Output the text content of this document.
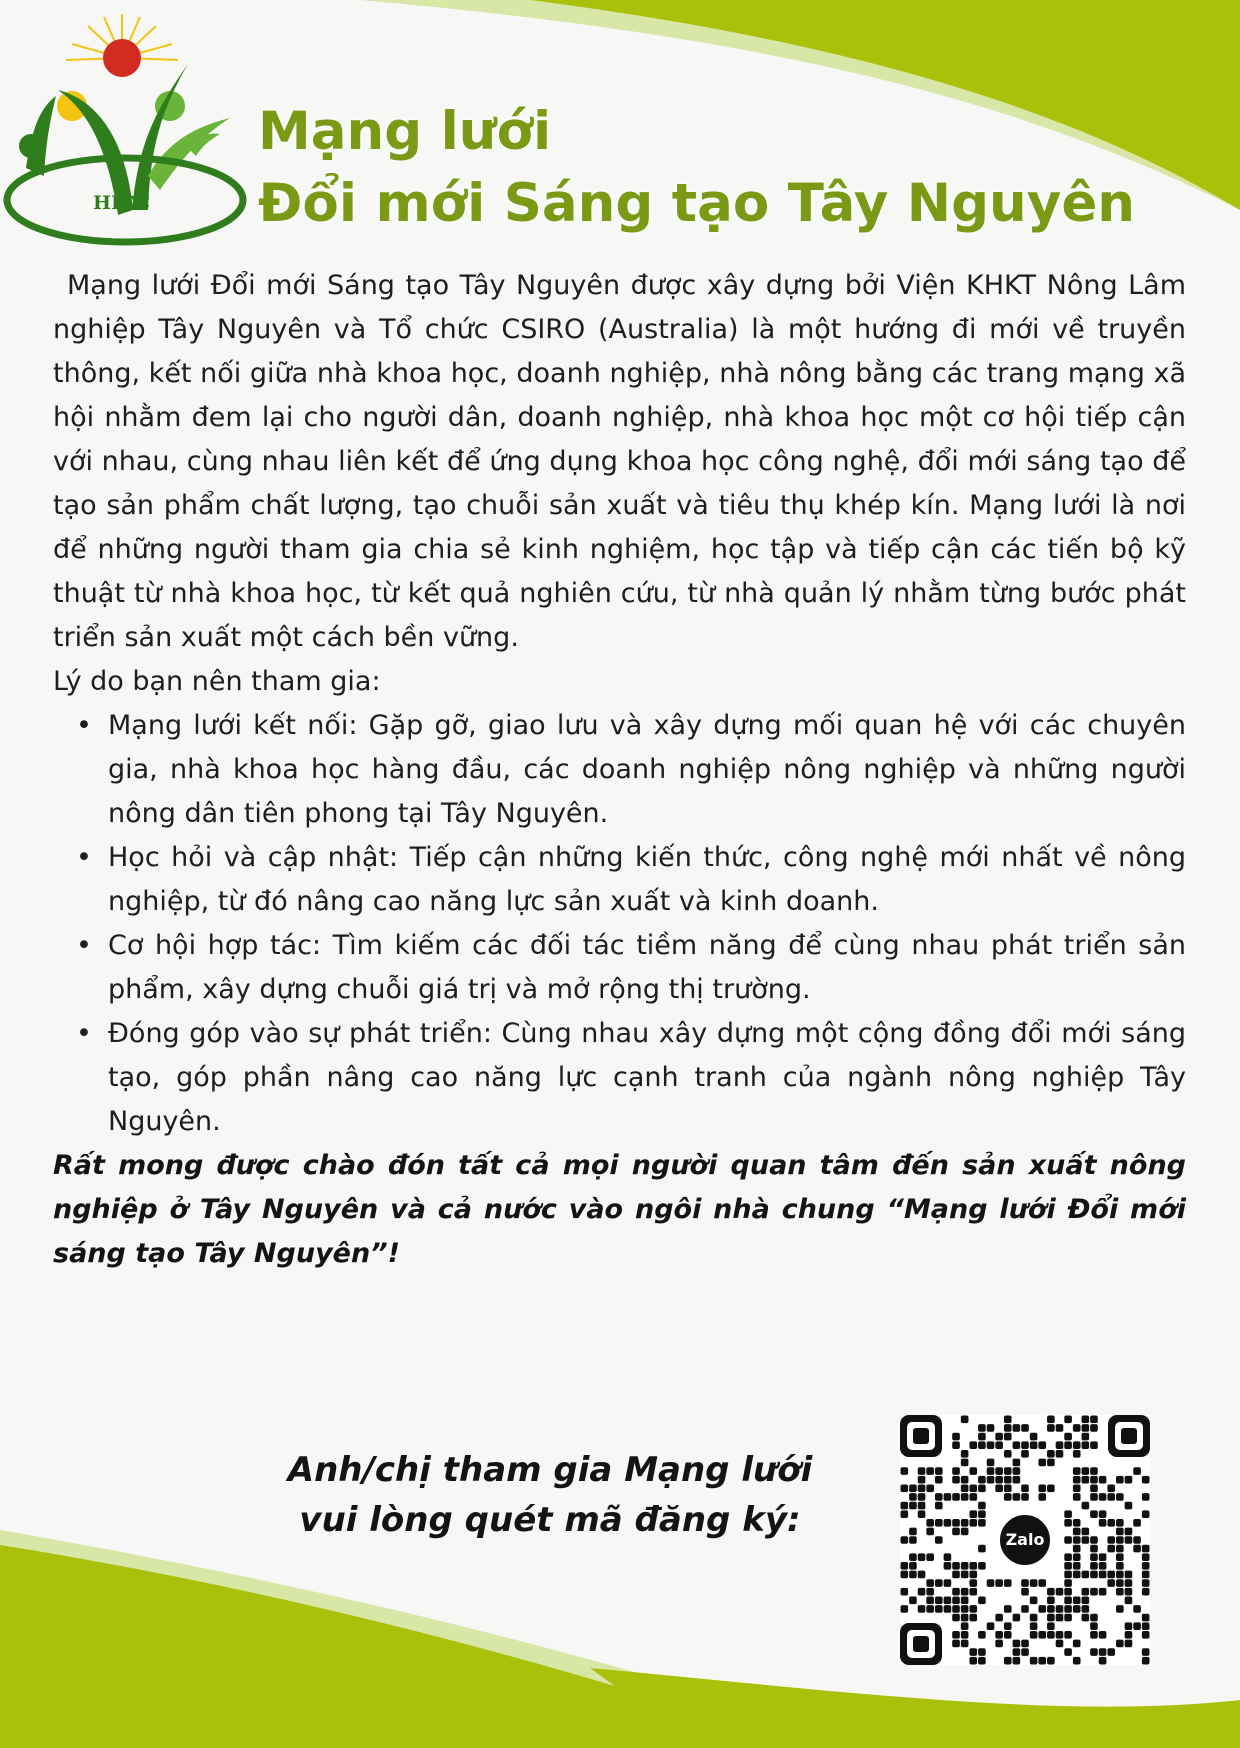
HICC
Mạng lưới
Đổi mới Sáng tạo Tây Nguyên

Mạng lưới Đổi mới Sáng tạo Tây Nguyên được xây dựng bởi Viện KHKT Nông Lâm nghiệp Tây Nguyên và Tổ chức CSIRO (Australia) là một hướng đi mới về truyền thông, kết nối giữa nhà khoa học, doanh nghiệp, nhà nông bằng các trang mạng xã hội nhằm đem lại cho người dân, doanh nghiệp, nhà khoa học một cơ hội tiếp cận với nhau, cùng nhau liên kết để ứng dụng khoa học công nghệ, đổi mới sáng tạo để tạo sản phẩm chất lượng, tạo chuỗi sản xuất và tiêu thụ khép kín. Mạng lưới là nơi để những người tham gia chia sẻ kinh nghiệm, học tập và tiếp cận các tiến bộ kỹ thuật từ nhà khoa học, từ kết quả nghiên cứu, từ nhà quản lý nhằm từng bước phát triển sản xuất một cách bền vững.

Lý do bạn nên tham gia:

• Mạng lưới kết nối: Gặp gỡ, giao lưu và xây dựng mối quan hệ với các chuyên gia, nhà khoa học hàng đầu, các doanh nghiệp nông nghiệp và những người nông dân tiên phong tại Tây Nguyên.
• Học hỏi và cập nhật: Tiếp cận những kiến thức, công nghệ mới nhất về nông nghiệp, từ đó nâng cao năng lực sản xuất và kinh doanh.
• Cơ hội hợp tác: Tìm kiếm các đối tác tiềm năng để cùng nhau phát triển sản phẩm, xây dựng chuỗi giá trị và mở rộng thị trường.
• Đóng góp vào sự phát triển: Cùng nhau xây dựng một cộng đồng đổi mới sáng tạo, góp phần nâng cao năng lực cạnh tranh của ngành nông nghiệp Tây Nguyên.

Rất mong được chào đón tất cả mọi người quan tâm đến sản xuất nông nghiệp ở Tây Nguyên và cả nước vào ngôi nhà chung “Mạng lưới Đổi mới sáng tạo Tây Nguyên”!

Anh/chị tham gia Mạng lưới
vui lòng quét mã đăng ký:	Zalo
